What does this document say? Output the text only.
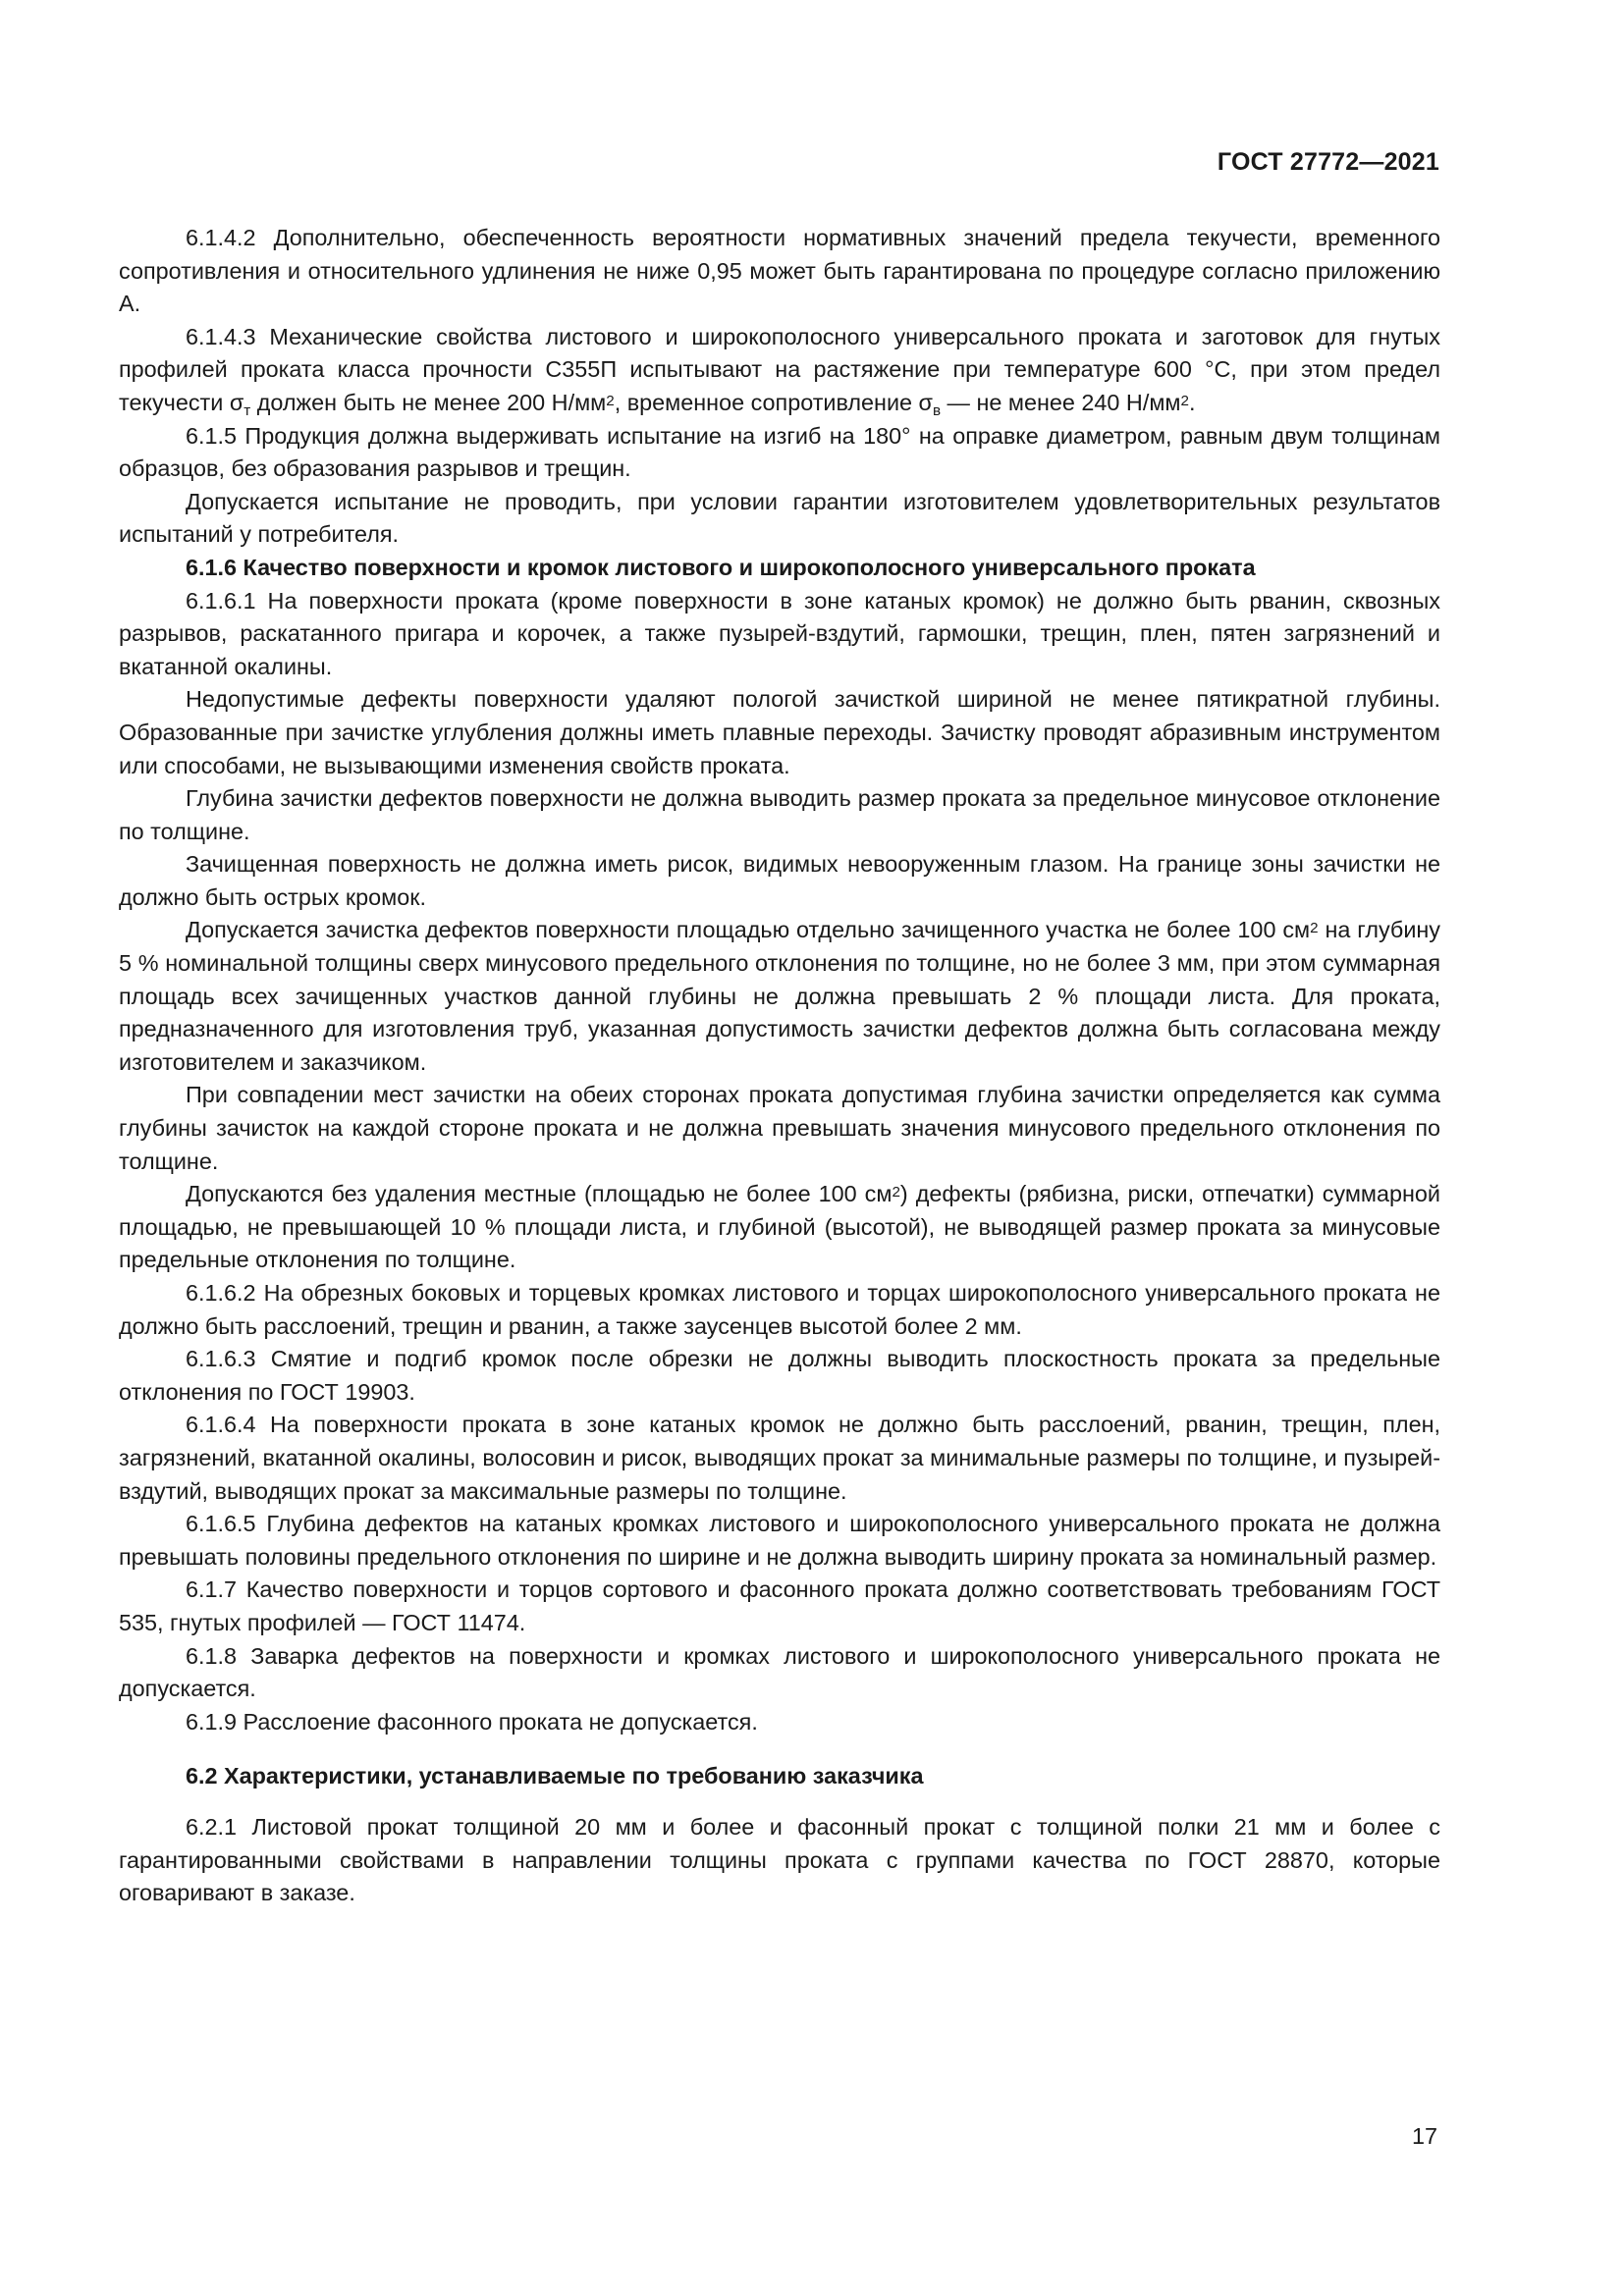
ГОСТ 27772—2021

6.1.4.2 Дополнительно, обеспеченность вероятности нормативных значений предела текучести, временного сопротивления и относительного удлинения не ниже 0,95 может быть гарантирована по процедуре согласно приложению А.

6.1.4.3 Механические свойства листового и широкополосного универсального проката и заготовок для гнутых профилей проката класса прочности С355П испытывают на растяжение при температуре 600 °C, при этом предел текучести $\sigma_т$ должен быть не менее 200 $Н/мм^2$, временное сопротивление $\sigma_в$ — не менее 240 $Н/мм^2$.

6.1.5 Продукция должна выдерживать испытание на изгиб на 180° на оправке диаметром, равным двум толщинам образцов, без образования разрывов и трещин.

Допускается испытание не проводить, при условии гарантии изготовителем удовлетворительных результатов испытаний у потребителя.

6.1.6 Качество поверхности и кромок листового и широкополосного универсального проката

6.1.6.1 На поверхности проката (кроме поверхности в зоне катаных кромок) не должно быть рванин, сквозных разрывов, раскатанного пригара и корочек, а также пузырей-вздутий, гармошки, трещин, плен, пятен загрязнений и вкатанной окалины.

Недопустимые дефекты поверхности удаляют пологой зачисткой шириной не менее пятикратной глубины. Образованные при зачистке углубления должны иметь плавные переходы. Зачистку проводят абразивным инструментом или способами, не вызывающими изменения свойств проката.

Глубина зачистки дефектов поверхности не должна выводить размер проката за предельное минусовое отклонение по толщине.

Зачищенная поверхность не должна иметь рисок, видимых невооруженным глазом. На границе зоны зачистки не должно быть острых кромок.

Допускается зачистка дефектов поверхности площадью отдельно зачищенного участка не более 100 $см^2$ на глубину 5 % номинальной толщины сверх минусового предельного отклонения по толщине, но не более 3 мм, при этом суммарная площадь всех зачищенных участков данной глубины не должна превышать 2 % площади листа. Для проката, предназначенного для изготовления труб, указанная допустимость зачистки дефектов должна быть согласована между изготовителем и заказчиком.

При совпадении мест зачистки на обеих сторонах проката допустимая глубина зачистки определяется как сумма глубины зачисток на каждой стороне проката и не должна превышать значения минусового предельного отклонения по толщине.

Допускаются без удаления местные (площадью не более 100 $см^2$) дефекты (рябизна, риски, отпечатки) суммарной площадью, не превышающей 10 % площади листа, и глубиной (высотой), не выводящей размер проката за минусовые предельные отклонения по толщине.

6.1.6.2 На обрезных боковых и торцевых кромках листового и торцах широкополосного универсального проката не должно быть расслоений, трещин и рванин, а также заусенцев высотой более 2 мм.

6.1.6.3 Смятие и подгиб кромок после обрезки не должны выводить плоскостность проката за предельные отклонения по ГОСТ 19903.

6.1.6.4 На поверхности проката в зоне катаных кромок не должно быть расслоений, рванин, трещин, плен, загрязнений, вкатанной окалины, волосовин и рисок, выводящих прокат за минимальные размеры по толщине, и пузырей-вздутий, выводящих прокат за максимальные размеры по толщине.

6.1.6.5 Глубина дефектов на катаных кромках листового и широкополосного универсального проката не должна превышать половины предельного отклонения по ширине и не должна выводить ширину проката за номинальный размер.

6.1.7 Качество поверхности и торцов сортового и фасонного проката должно соответствовать требованиям ГОСТ 535, гнутых профилей — ГОСТ 11474.

6.1.8 Заварка дефектов на поверхности и кромках листового и широкополосного универсального проката не допускается.

6.1.9 Расслоение фасонного проката не допускается.

6.2 Характеристики, устанавливаемые по требованию заказчика

6.2.1 Листовой прокат толщиной 20 мм и более и фасонный прокат с толщиной полки 21 мм и более с гарантированными свойствами в направлении толщины проката с группами качества по ГОСТ 28870, которые оговаривают в заказе.

17
